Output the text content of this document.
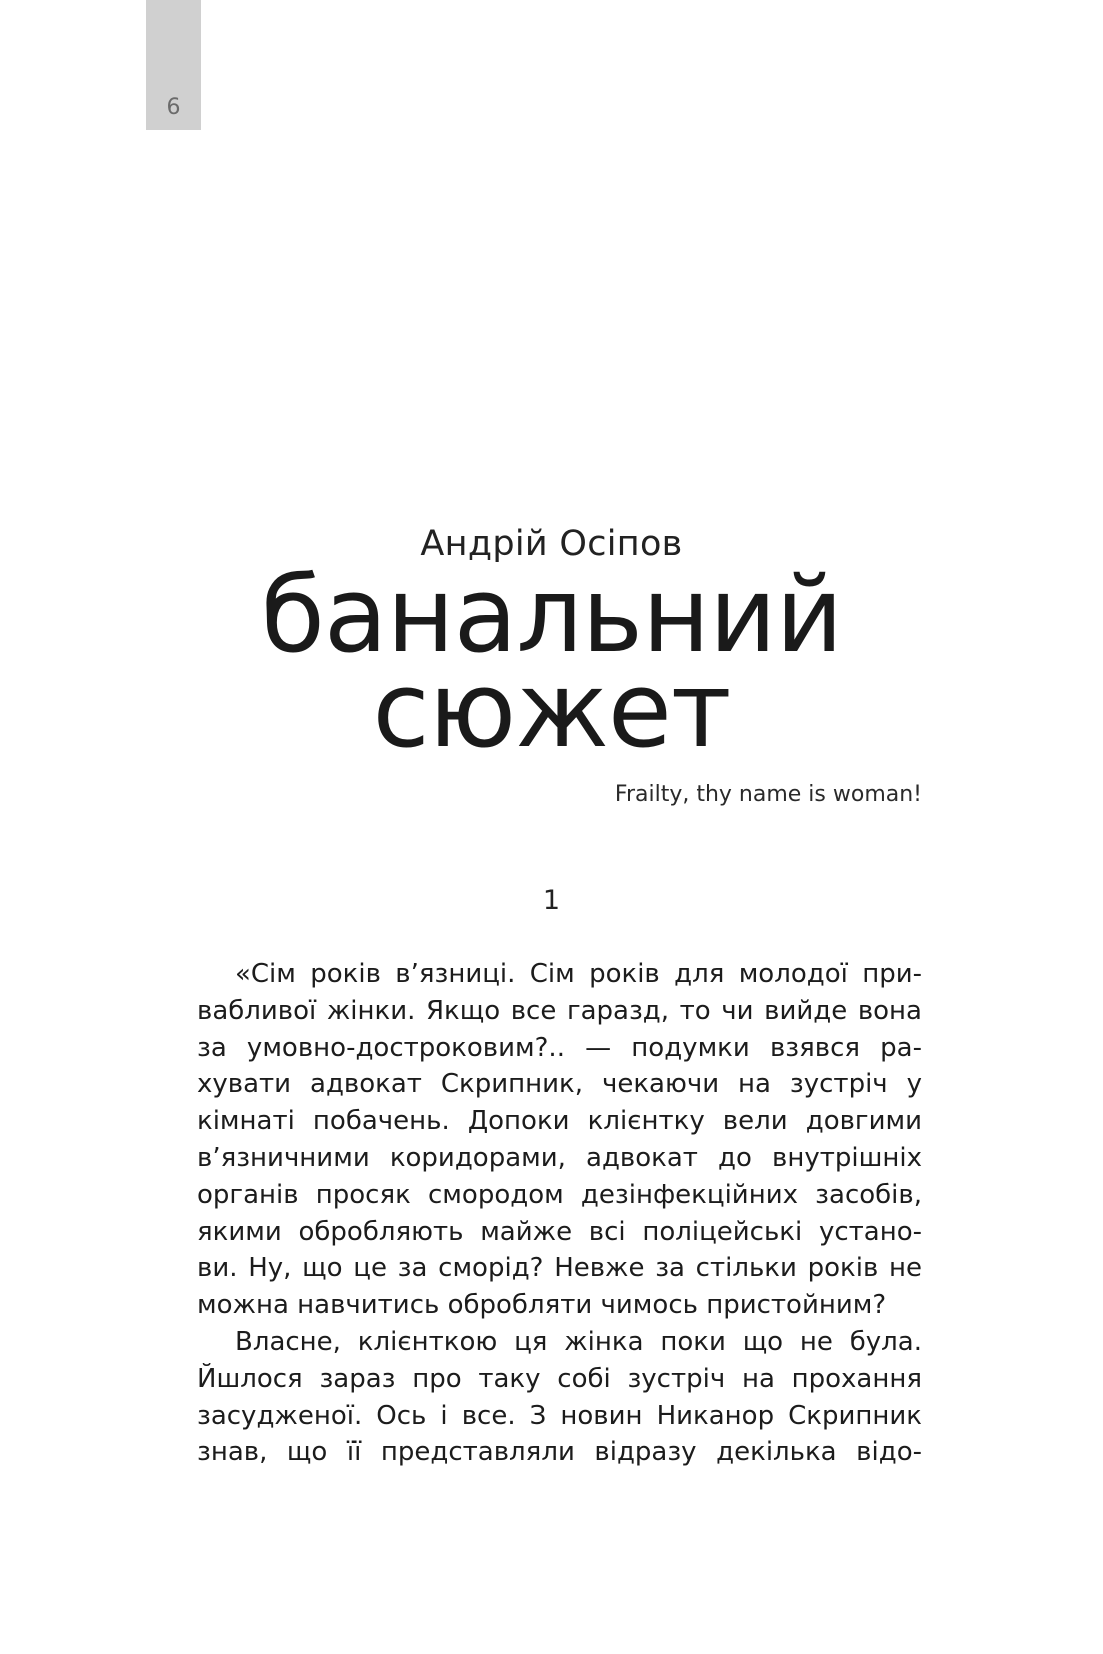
6
Андрій Осіпов
банальний
сюжет
Frailty, thy name is woman!
1
«Сім років в’язниці. Сім років для молодої при-
вабливої жінки. Якщо все гаразд, то чи вийде вона
за умовно-достроковим?.. — подумки взявся ра-
хувати адвокат Скрипник, чекаючи на зустріч у
кімнаті побачень. Допоки клієнтку вели довгими
в’язничними коридорами, адвокат до внутрішніх
органів просяк смородом дезінфекційних засобів,
якими обробляють майже всі поліцейські устано-
ви. Ну, що це за сморід? Невже за стільки років не
можна навчитись обробляти чимось пристойним?
Власне, клієнткою ця жінка поки що не була.
Йшлося зараз про таку собі зустріч на прохання
засудженої. Ось і все. З новин Никанор Скрипник
знав, що її представляли відразу декілька відо-
